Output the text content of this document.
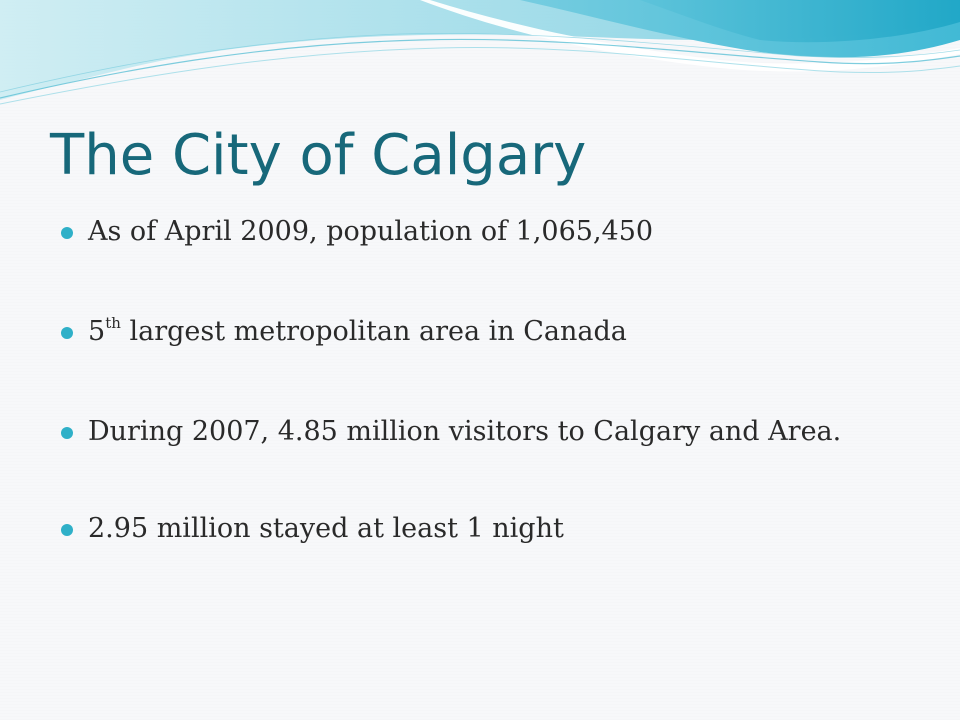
The City of Calgary
As of April 2009, population of 1,065,450
5th largest metropolitan area in Canada
During 2007, 4.85 million visitors to Calgary and Area.
2.95 million stayed at least 1 night
